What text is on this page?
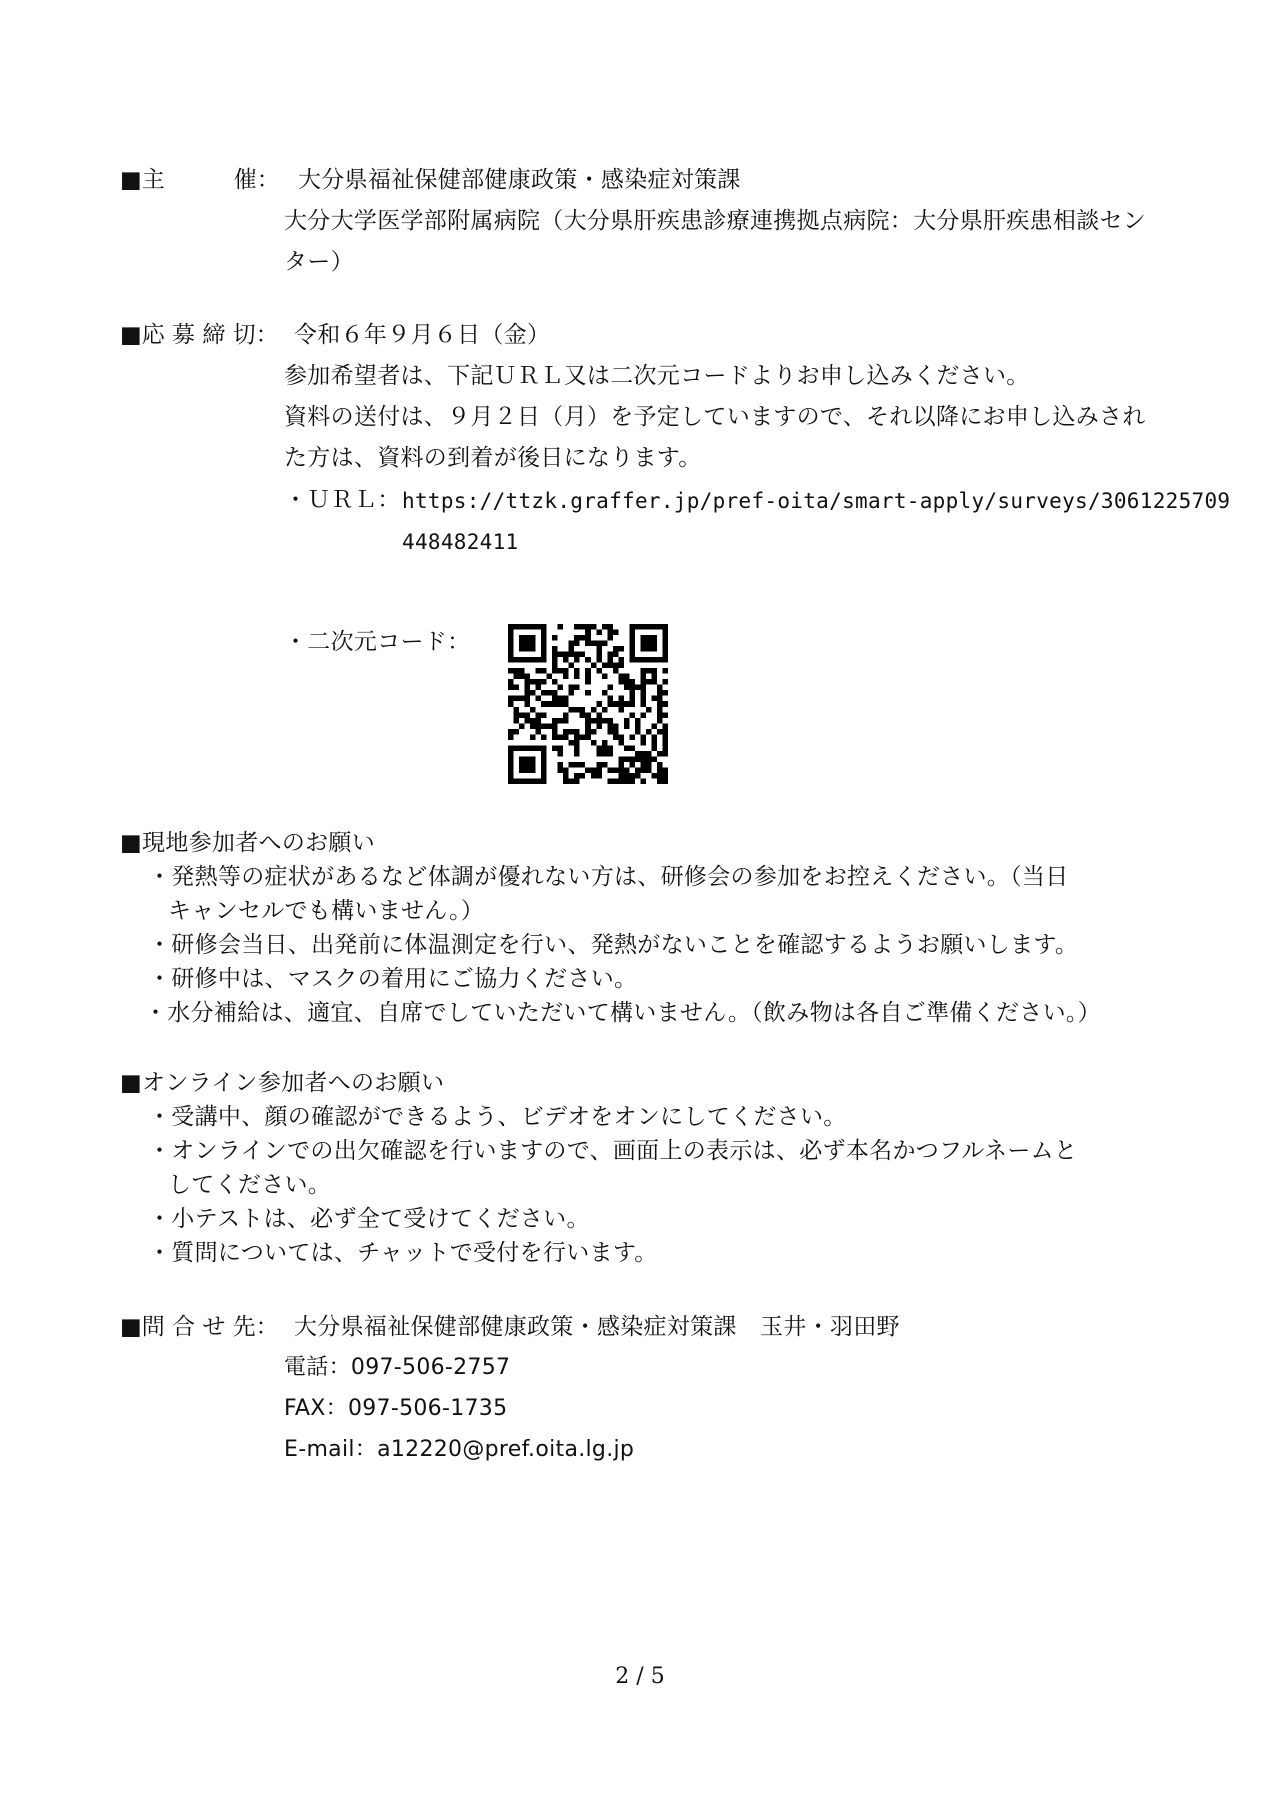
■主　　　催： 大分県福祉保健部健康政策・感染症対策課
大分大学医学部附属病院（大分県肝疾患診療連携拠点病院：大分県肝疾患相談セン
ター）
■応 募 締 切： 令和６年９月６日（金）
参加希望者は、下記ＵＲＬ又は二次元コードよりお申し込みください。
資料の送付は、９月２日（月）を予定していますので、それ以降にお申し込みされ
た方は、資料の到着が後日になります。
・ＵＲＬ： https://ttzk.graffer.jp/pref-oita/smart-apply/surveys/3061225709
448482411
・二次元コード：
■現地参加者へのお願い
・発熱等の症状があるなど体調が優れない方は、研修会の参加をお控えください。（当日
キャンセルでも構いません。）
・研修会当日、出発前に体温測定を行い、発熱がないことを確認するようお願いします。
・研修中は、マスクの着用にご協力ください。
・水分補給は、適宜、自席でしていただいて構いません。（飲み物は各自ご準備ください。）
■オンライン参加者へのお願い
・受講中、顔の確認ができるよう、ビデオをオンにしてください。
・オンラインでの出欠確認を行いますので、画面上の表示は、必ず本名かつフルネームと
してください。
・小テストは、必ず全て受けてください。
・質問については、チャットで受付を行います。
■問 合 せ 先： 大分県福祉保健部健康政策・感染症対策課　玉井・羽田野
電話：097-506-2757
FAX：097-506-1735
E-mail：a12220@pref.oita.lg.jp
2 / 5
